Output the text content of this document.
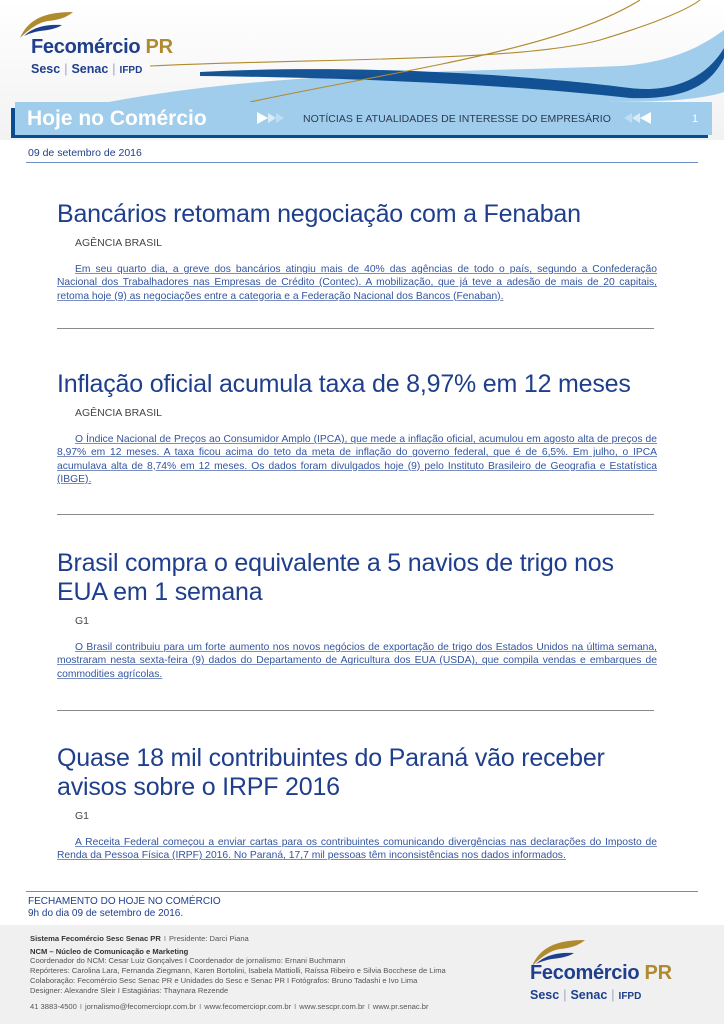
Fecomércio PR
Sesc | Senac | IFPD
Hoje no Comércio	NOTÍCIAS E ATUALIDADES DE INTERESSE DO EMPRESÁRIO	1
09 de setembro de 2016
Bancários retomam negociação com a Fenaban
AGÊNCIA BRASIL
Em seu quarto dia, a greve dos bancários atingiu mais de 40% das agências de todo o país, segundo a Confederação Nacional dos Trabalhadores nas Empresas de Crédito (Contec). A mobilização, que já teve a adesão de mais de 20 capitais, retoma hoje (9) as negociações entre a categoria e a Federação Nacional dos Bancos (Fenaban).
Inflação oficial acumula taxa de 8,97% em 12 meses
AGÊNCIA BRASIL
O Índice Nacional de Preços ao Consumidor Amplo (IPCA), que mede a inflação oficial, acumulou em agosto alta de preços de 8,97% em 12 meses. A taxa ficou acima do teto da meta de inflação do governo federal, que é de 6,5%. Em julho, o IPCA acumulava alta de 8,74% em 12 meses. Os dados foram divulgados hoje (9) pelo Instituto Brasileiro de Geografia e Estatística (IBGE).
Brasil compra o equivalente a 5 navios de trigo nos EUA em 1 semana
G1
O Brasil contribuiu para um forte aumento nos novos negócios de exportação de trigo dos Estados Unidos na última semana, mostraram nesta sexta-feira (9) dados do Departamento de Agricultura dos EUA (USDA), que compila vendas e embarques de commodities agrícolas.
Quase 18 mil contribuintes do Paraná vão receber avisos sobre o IRPF 2016
G1
A Receita Federal começou a enviar cartas para os contribuintes comunicando divergências nas declarações do Imposto de Renda da Pessoa Física (IRPF) 2016. No Paraná, 17,7 mil pessoas têm inconsistências nos dados informados.
FECHAMENTO DO HOJE NO COMÉRCIO
9h do dia 09 de setembro de 2016.
Sistema Fecomércio Sesc Senac PR I Presidente: Darci Piana
NCM – Núcleo de Comunicação e Marketing
Coordenador do NCM: Cesar Luiz Gonçalves I Coordenador de jornalismo: Ernani Buchmann
Repórteres: Carolina Lara, Fernanda Ziegmann, Karen Bortolini, Isabela Mattiolli, Raíssa Ribeiro e Silvia Bocchese de Lima
Colaboração: Fecomércio Sesc Senac PR e Unidades do Sesc e Senac PR I Fotógrafos: Bruno Tadashi e Ivo Lima
Designer: Alexandre Sleir I Estagiárias: Thaynara Rezende
41 3883-4500 I jornalismo@fecomerciopr.com.br I www.fecomerciopr.com.br I www.sescpr.com.br I www.pr.senac.br
Fecomércio PR
Sesc | Senac | IFPD
